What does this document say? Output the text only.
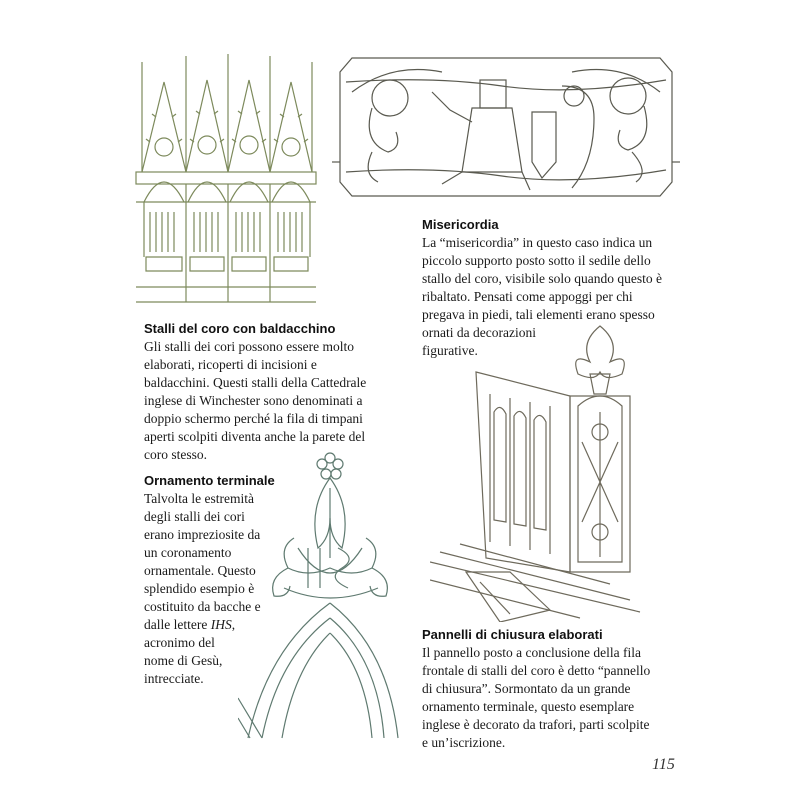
Misericordia

La “misericordia” in questo caso indica un
piccolo supporto posto sotto il sedile dello
stallo del coro, visibile solo quando questo è
ribaltato. Pensati come appoggi per chi
pregava in piedi, tali elementi erano spesso
ornati da decorazioni
figurative.

Stalli del coro con baldacchino

Gli stalli dei cori possono essere molto
elaborati, ricoperti di incisioni e
baldacchini. Questi stalli della Cattedrale
inglese di Winchester sono denominati a
doppio schermo perché la fila di timpani
aperti scolpiti diventa anche la parete del
coro stesso.

Ornamento terminale

Talvolta le estremità
degli stalli dei cori
erano impreziosite da
un coronamento
ornamentale. Questo
splendido esempio è
costituito da bacche e
dalle lettere IHS,
acronimo del
nome di Gesù,
intrecciate.

Pannelli di chiusura elaborati

Il pannello posto a conclusione della fila
frontale di stalli del coro è detto “pannello
di chiusura”. Sormontato da un grande
ornamento terminale, questo esemplare
inglese è decorato da trafori, parti scolpite
e un’iscrizione.
115
